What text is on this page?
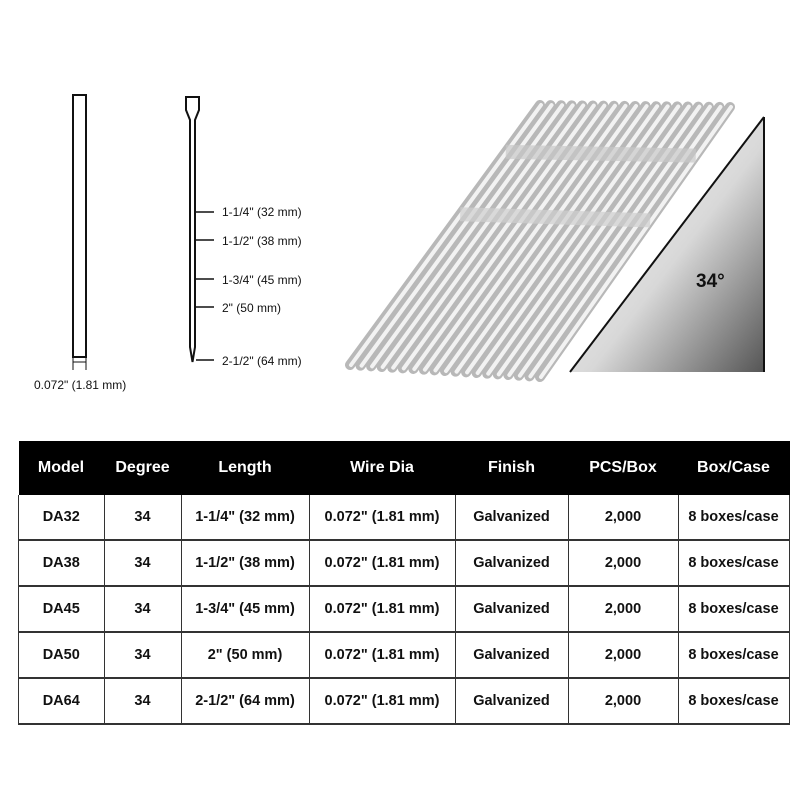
0.072" (1.81 mm)
1-1/4" (32 mm)
1-1/2" (38 mm)
1-3/4" (45 mm)
2" (50 mm)
2-1/2" (64 mm)
34°
Model	Degree	Length	Wire Dia	Finish	PCS/Box	Box/Case
DA32	34	1-1/4" (32 mm)	0.072" (1.81 mm)	Galvanized	2,000	8 boxes/case
DA38	34	1-1/2" (38 mm)	0.072" (1.81 mm)	Galvanized	2,000	8 boxes/case
DA45	34	1-3/4" (45 mm)	0.072" (1.81 mm)	Galvanized	2,000	8 boxes/case
DA50	34	2" (50 mm)	0.072" (1.81 mm)	Galvanized	2,000	8 boxes/case
DA64	34	2-1/2" (64 mm)	0.072" (1.81 mm)	Galvanized	2,000	8 boxes/case
